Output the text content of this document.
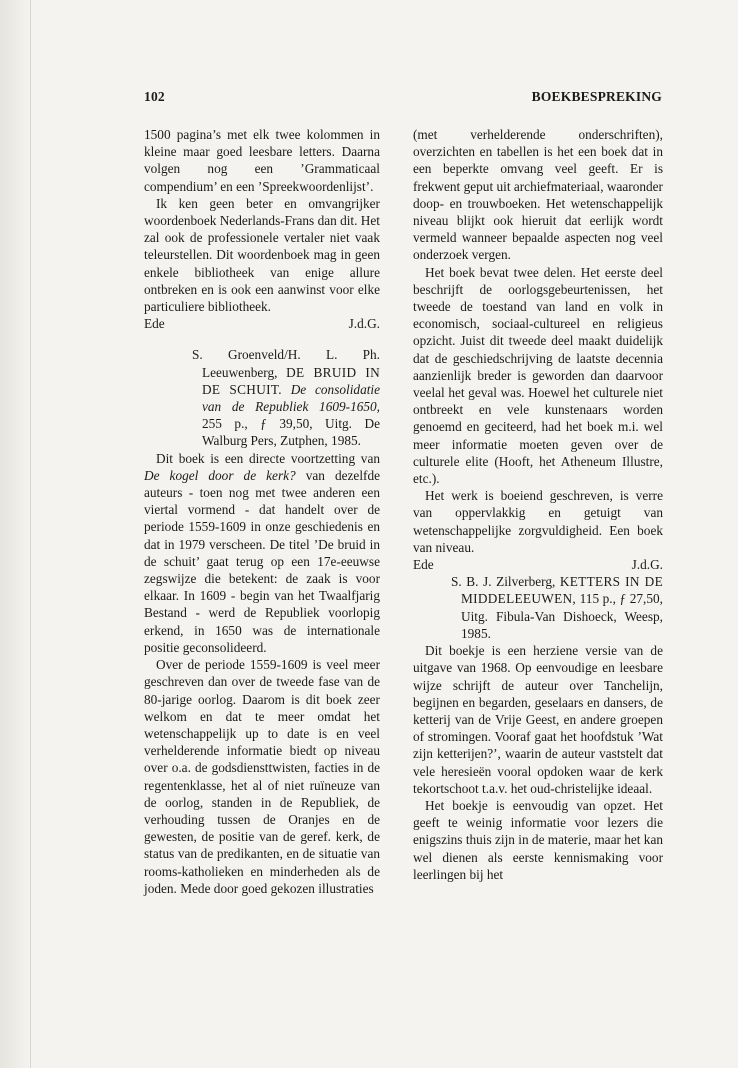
102	BOEKBESPREKING

1500 pagina’s met elk twee kolommen in kleine maar goed leesbare letters. Daarna volgen nog een ’Grammaticaal compendium’ en een ’Spreekwoordenlijst’.

Ik ken geen beter en omvangrijker woordenboek Nederlands-Frans dan dit. Het zal ook de professionele vertaler niet vaak teleurstellen. Dit woordenboek mag in geen enkele bibliotheek van enige allure ontbreken en is ook een aanwinst voor elke particuliere bibliotheek.

Ede	J.d.G.
S. Groenveld/H. L. Ph. Leeuwenberg, DE BRUID IN DE SCHUIT. De consolidatie van de Republiek 1609-1650, 255 p., ƒ 39,50, Uitg. De Walburg Pers, Zutphen, 1985.

Dit boek is een directe voortzetting van De kogel door de kerk? van dezelfde auteurs - toen nog met twee anderen een viertal vormend - dat handelt over de periode 1559-1609 in onze geschiedenis en dat in 1979 verscheen. De titel ’De bruid in de schuit’ gaat terug op een 17e-eeuwse zegswijze die betekent: de zaak is voor elkaar. In 1609 - begin van het Twaalfjarig Bestand - werd de Republiek voorlopig erkend, in 1650 was de internationale positie geconsolideerd.

Over de periode 1559-1609 is veel meer geschreven dan over de tweede fase van de 80-jarige oorlog. Daarom is dit boek zeer welkom en dat te meer omdat het wetenschappelijk up to date is en veel verhelderende informatie biedt op niveau over o.a. de godsdiensttwisten, facties in de regentenklasse, het al of niet ruïneuze van de oorlog, standen in de Republiek, de verhouding tussen de Oranjes en de gewesten, de positie van de geref. kerk, de status van de predikanten, en de situatie van rooms-katholieken en minderheden als de joden. Mede door goed gekozen illustraties

(met verhelderende onderschriften), overzichten en tabellen is het een boek dat in een beperkte omvang veel geeft. Er is frekwent geput uit archiefmateriaal, waaronder doop- en trouwboeken. Het wetenschappelijk niveau blijkt ook hieruit dat eerlijk wordt vermeld wanneer bepaalde aspecten nog veel onderzoek vergen.

Het boek bevat twee delen. Het eerste deel beschrijft de oorlogsgebeurtenissen, het tweede de toestand van land en volk in economisch, sociaal-cultureel en religieus opzicht. Juist dit tweede deel maakt duidelijk dat de geschiedschrijving de laatste decennia aanzienlijk breder is geworden dan daarvoor veelal het geval was. Hoewel het culturele niet ontbreekt en vele kunstenaars worden genoemd en geciteerd, had het boek m.i. wel meer informatie moeten geven over de culturele elite (Hooft, het Atheneum Illustre, etc.).

Het werk is boeiend geschreven, is verre van oppervlakkig en getuigt van wetenschappelijke zorgvuldigheid. Een boek van niveau.

Ede	J.d.G.
S. B. J. Zilverberg, KETTERS IN DE MIDDELEEUWEN, 115 p., ƒ 27,50, Uitg. Fibula-Van Dishoeck, Weesp, 1985.

Dit boekje is een herziene versie van de uitgave van 1968. Op eenvoudige en leesbare wijze schrijft de auteur over Tanchelijn, begijnen en begarden, geselaars en dansers, de ketterij van de Vrije Geest, en andere groepen of stromingen. Vooraf gaat het hoofdstuk ’Wat zijn ketterijen?’, waarin de auteur vaststelt dat vele heresieën vooral opdoken waar de kerk tekortschoot t.a.v. het oud-christelijke ideaal.

Het boekje is eenvoudig van opzet. Het geeft te weinig informatie voor lezers die enigszins thuis zijn in de materie, maar het kan wel dienen als eerste kennismaking voor leerlingen bij het
